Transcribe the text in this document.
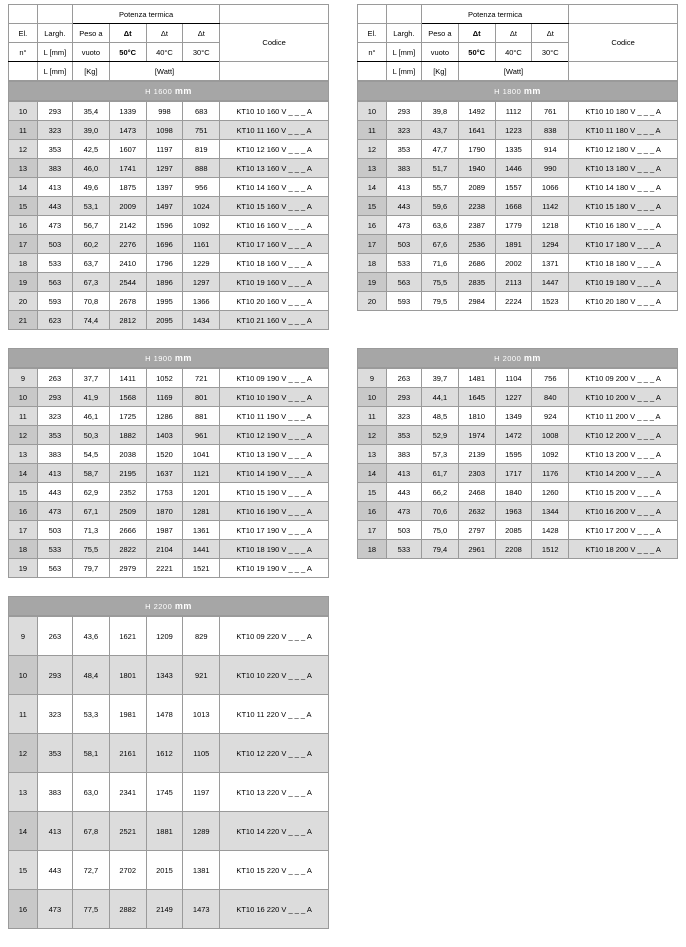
		Potenza termica				
El.	Largh.	Peso a	Δt	Δt	Δt	Codice
n°	L [mm]	vuoto	50°C	40°C	30°C	
	L [mm]	[Kg]	[Watt]			
H 1600 mm
10	293	35,4	1339	998	683	KT10 10 160 V _ _ _ A
11	323	39,0	1473	1098	751	KT10 11 160 V _ _ _ A
12	353	42,5	1607	1197	819	KT10 12 160 V _ _ _ A
13	383	46,0	1741	1297	888	KT10 13 160 V _ _ _ A
14	413	49,6	1875	1397	956	KT10 14 160 V _ _ _ A
15	443	53,1	2009	1497	1024	KT10 15 160 V _ _ _ A
16	473	56,7	2142	1596	1092	KT10 16 160 V _ _ _ A
17	503	60,2	2276	1696	1161	KT10 17 160 V _ _ _ A
18	533	63,7	2410	1796	1229	KT10 18 160 V _ _ _ A
19	563	67,3	2544	1896	1297	KT10 19 160 V _ _ _ A
20	593	70,8	2678	1995	1366	KT10 20 160 V _ _ _ A
21	623	74,4	2812	2095	1434	KT10 21 160 V _ _ _ A
		Potenza termica				
El.	Largh.	Peso a	Δt	Δt	Δt	Codice
n°	L [mm]	vuoto	50°C	40°C	30°C	
	L [mm]	[Kg]	[Watt]			
H 1800 mm
10	293	39,8	1492	1112	761	KT10 10 180 V _ _ _ A
11	323	43,7	1641	1223	838	KT10 11 180 V _ _ _ A
12	353	47,7	1790	1335	914	KT10 12 180 V _ _ _ A
13	383	51,7	1940	1446	990	KT10 13 180 V _ _ _ A
14	413	55,7	2089	1557	1066	KT10 14 180 V _ _ _ A
15	443	59,6	2238	1668	1142	KT10 15 180 V _ _ _ A
16	473	63,6	2387	1779	1218	KT10 16 180 V _ _ _ A
17	503	67,6	2536	1891	1294	KT10 17 180 V _ _ _ A
18	533	71,6	2686	2002	1371	KT10 18 180 V _ _ _ A
19	563	75,5	2835	2113	1447	KT10 19 180 V _ _ _ A
20	593	79,5	2984	2224	1523	KT10 20 180 V _ _ _ A
H 1900 mm
9	263	37,7	1411	1052	721	KT10 09 190 V _ _ _ A
10	293	41,9	1568	1169	801	KT10 10 190 V _ _ _ A
11	323	46,1	1725	1286	881	KT10 11 190 V _ _ _ A
12	353	50,3	1882	1403	961	KT10 12 190 V _ _ _ A
13	383	54,5	2038	1520	1041	KT10 13 190 V _ _ _ A
14	413	58,7	2195	1637	1121	KT10 14 190 V _ _ _ A
15	443	62,9	2352	1753	1201	KT10 15 190 V _ _ _ A
16	473	67,1	2509	1870	1281	KT10 16 190 V _ _ _ A
17	503	71,3	2666	1987	1361	KT10 17 190 V _ _ _ A
18	533	75,5	2822	2104	1441	KT10 18 190 V _ _ _ A
19	563	79,7	2979	2221	1521	KT10 19 190 V _ _ _ A
H 2000 mm
9	263	39,7	1481	1104	756	KT10 09 200 V _ _ _ A
10	293	44,1	1645	1227	840	KT10 10 200 V _ _ _ A
11	323	48,5	1810	1349	924	KT10 11 200 V _ _ _ A
12	353	52,9	1974	1472	1008	KT10 12 200 V _ _ _ A
13	383	57,3	2139	1595	1092	KT10 13 200 V _ _ _ A
14	413	61,7	2303	1717	1176	KT10 14 200 V _ _ _ A
15	443	66,2	2468	1840	1260	KT10 15 200 V _ _ _ A
16	473	70,6	2632	1963	1344	KT10 16 200 V _ _ _ A
17	503	75,0	2797	2085	1428	KT10 17 200 V _ _ _ A
18	533	79,4	2961	2208	1512	KT10 18 200 V _ _ _ A
H 2200 mm
9	263	43,6	1621	1209	829	KT10 09 220 V _ _ _ A
10	293	48,4	1801	1343	921	KT10 10 220 V _ _ _ A
11	323	53,3	1981	1478	1013	KT10 11 220 V _ _ _ A
12	353	58,1	2161	1612	1105	KT10 12 220 V _ _ _ A
13	383	63,0	2341	1745	1197	KT10 13 220 V _ _ _ A
14	413	67,8	2521	1881	1289	KT10 14 220 V _ _ _ A
15	443	72,7	2702	2015	1381	KT10 15 220 V _ _ _ A
16	473	77,5	2882	2149	1473	KT10 16 220 V _ _ _ A
